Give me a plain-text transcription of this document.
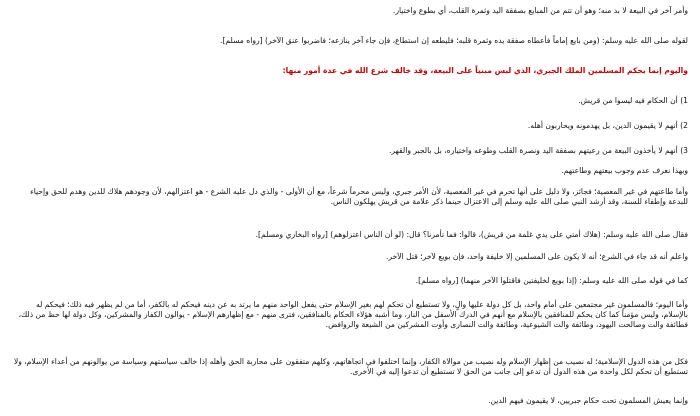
وأمر آخر في البيعة لا بد منه؛ وهو أن تتم من المبايع بصفقة اليد وثمرة القلب، أي بطوع واختيار.

لقوله صلى الله عليه وسلم: (ومن بايع إماماً فأعطاه صفقة يده وثمرة قلبه؛ فليطعه إن استطاع، فإن جاء آخر ينازعه؛ فاضربوا عنق الآخر) [رواه مسلم].

واليوم إنما يحكم المسلمين الملك الجبري، الذي ليس مبنياً على البيعة، وقد خالف شرع الله في عدة أمور منها:

1) أن الحكام فيه ليسوا من قريش.

2) أنهم لا يقيمون الدين، بل يهدمونه ويحاربون أهله.

3) أنهم لا يأخذون البيعة من رعيتهم بصفقة اليد ونصرة القلب وطوعه واختياره، بل بالجبر والقهر.

وبهذا نعرف عدم وجوب بيعتهم وطاعتهم.

وأما طاعتهم في غير المعصية؛ فجائز، ولا دليل على أنها تحرم في غير المعصية، لأن الأمر جبري، وليس محرماً شرعاً، مع أن الأولى - والذي دل عليه الشرع - هو اعتزالهم، لأن وجودهم هلاك للدين وهدم للحق وإحياء للبدعة وإطفاء للسنة، وقد أرشد النبي صلى الله عليه وسلم إلى الاعتزال حينما ذكر علامة من قريش يهلكون الناس.

فقال صلى الله عليه وسلم: (هلاك أمتي على يدي غلمة من قريش)، قالوا: فما تأمرنا؟ قال: (لو أن الناس اعتزلوهم) [رواه البخاري ومسلم].

واعلم أنه قد جاء في الشرع؛ أنه لا يكون على المسلمين إلا خليفة واحد، فإن بويع لآخر؛ قتل الآخر.

كما في قوله صلى الله عليه وسلم: (إذا بويع لخليفتين فاقتلوا الآخر منهما) [رواه مسلم].

وأما اليوم؛ فالمسلمون غير مجتمعين على أمام واحد، بل كل دولة عليها والٍ، ولا تستطيع أن تحكم لهم بغير الإسلام حتى يفعل الواحد منهم ما يرتد به عن دينه فيحكم له بالكفر، أما من لم يظهر فيه ذلك؛ فيحكم له بالإسلام، وليس مؤمناً كما كان يحكم للمنافقين بالإسلام مع أنهم في الدرك الأسفل من النار، وما أشبه هؤلاء الحكام بالمنافقين، فترى منهم - مع إظهارهم الإسلام - يوالون الكفار والمشركين، وكل دولة لها حظ من ذلك، فطائفة والت وصالحت اليهود، وطائفة والت الشيوعية، وطائفة والت النصارى وأوت المشركين من الشيعة والروافض.

فكل من هذه الدول الإسلامية؛ له نصيب من إظهار الإسلام وله نصيب من موالاة الكفار، وإنما اختلفوا في اتجاهاتهم، وكلهم متفقون على محاربة الحق وأهله إذا خالف سياستهم وسياسة من يوالونهم من أعداء الإسلام، ولا تستطيع أن تحكم لكل واحدة من هذه الدول أن تدعو إلى جانب من الحق لا تستطيع أن تدعوا إليه في الأخرى.

وإنما يعيش المسلمون تحت حكام جبريين، لا يقيمون فيهم الدين.
